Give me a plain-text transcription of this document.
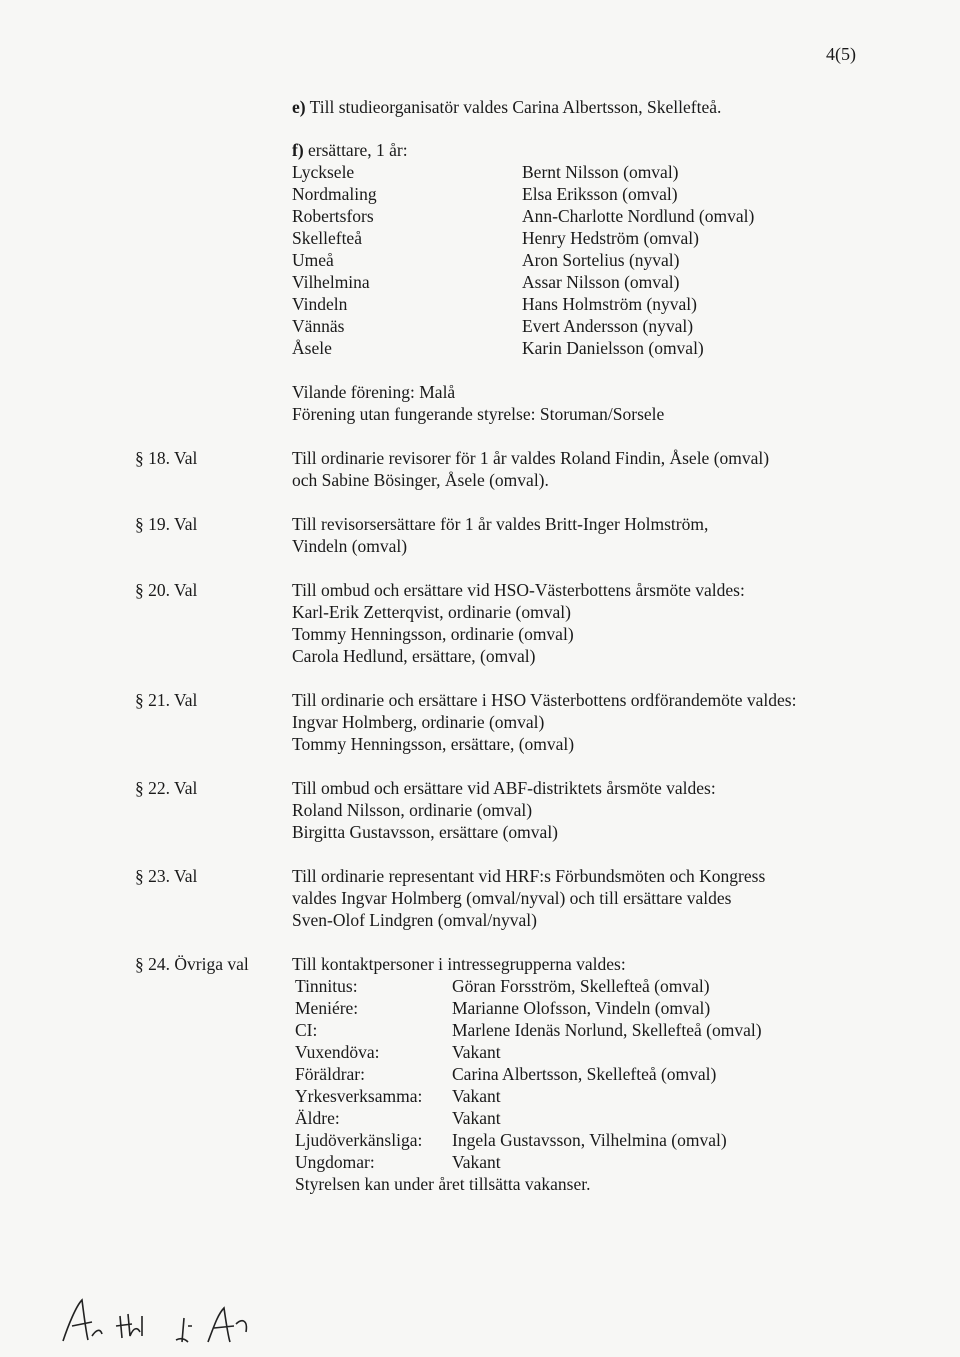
4(5)
e) Till studieorganisatör valdes Carina Albertsson, Skellefteå.
f) ersättare, 1 år:
Lycksele	Bernt Nilsson (omval)
Nordmaling	Elsa Eriksson (omval)
Robertsfors	Ann-Charlotte Nordlund (omval)
Skellefteå	Henry Hedström (omval)
Umeå	Aron Sortelius (nyval)
Vilhelmina	Assar Nilsson (omval)
Vindeln	Hans Holmström (nyval)
Vännäs	Evert Andersson (nyval)
Åsele	Karin Danielsson (omval)
Vilande förening: Malå
Förening utan fungerande styrelse: Storuman/Sorsele
§ 18. Val	Till ordinarie revisorer för 1 år valdes Roland Findin, Åsele (omval)
och Sabine Bösinger, Åsele (omval).
§ 19. Val	Till revisorsersättare för 1 år valdes Britt-Inger Holmström,
Vindeln (omval)
§ 20. Val	Till ombud och ersättare vid HSO-Västerbottens årsmöte valdes:
Karl-Erik Zetterqvist, ordinarie (omval)
Tommy Henningsson, ordinarie (omval)
Carola Hedlund, ersättare, (omval)
§ 21. Val	Till ordinarie och ersättare i HSO Västerbottens ordförandemöte valdes:
Ingvar Holmberg, ordinarie (omval)
Tommy Henningsson, ersättare, (omval)
§ 22. Val	Till ombud och ersättare vid ABF-distriktets årsmöte valdes:
Roland Nilsson, ordinarie (omval)
Birgitta Gustavsson, ersättare (omval)
§ 23. Val	Till ordinarie representant vid HRF:s Förbundsmöten och Kongress
valdes Ingvar Holmberg (omval/nyval) och till ersättare valdes
Sven-Olof Lindgren (omval/nyval)
§ 24. Övriga val Till kontaktpersoner i intressegrupperna valdes:
Tinnitus:	Göran Forsström, Skellefteå (omval)
Meniére:	Marianne Olofsson, Vindeln (omval)
CI:	Marlene Idenäs Norlund, Skellefteå (omval)
Vuxendöva:	Vakant
Föräldrar:	Carina Albertsson, Skellefteå (omval)
Yrkesverksamma: Vakant
Äldre:	Vakant
Ljudöverkänsliga: Ingela Gustavsson, Vilhelmina (omval)
Ungdomar:	Vakant
Styrelsen kan under året tillsätta vakanser.
